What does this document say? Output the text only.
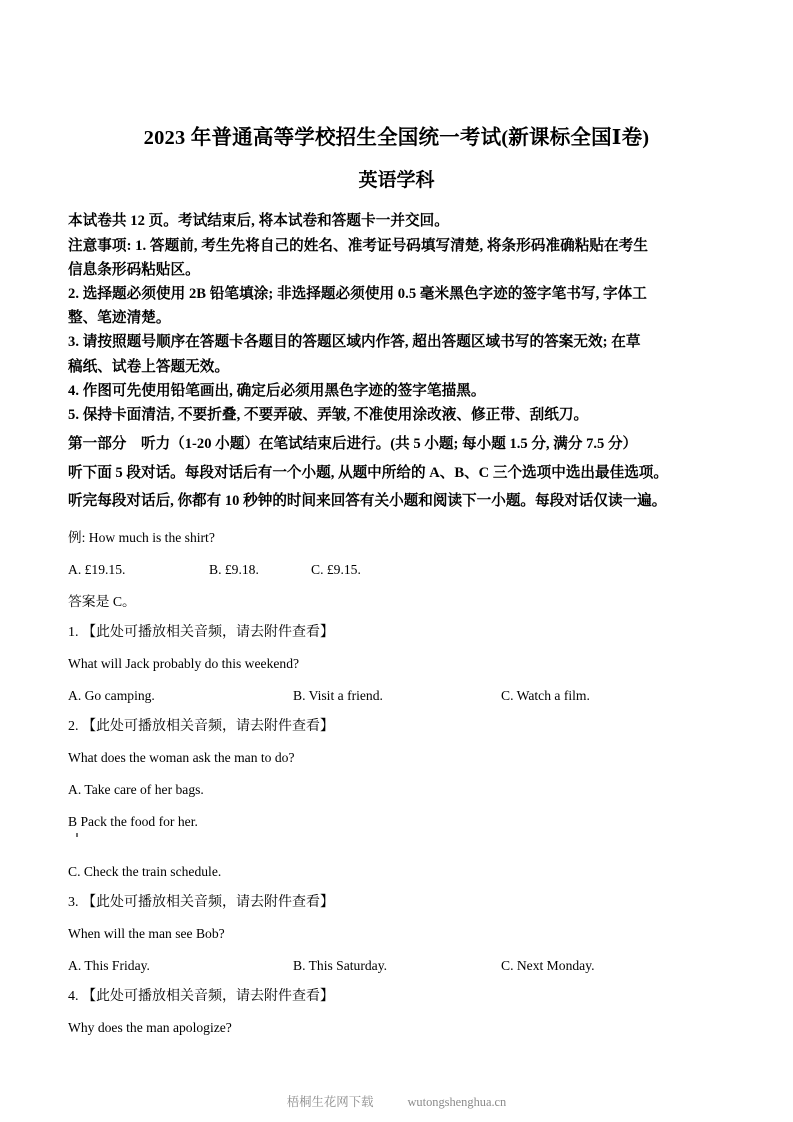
2023 年普通高等学校招生全国统一考试(新课标全国Ⅰ卷)
英语学科

本试卷共 12 页。考试结束后, 将本试卷和答题卡一并交回。

注意事项: 1. 答题前, 考生先将自己的姓名、准考证号码填写清楚, 将条形码准确粘贴在考生

信息条形码粘贴区。

2. 选择题必须使用 2B 铅笔填涂; 非选择题必须使用 0.5 毫米黑色字迹的签字笔书写, 字体工

整、笔迹清楚。

3. 请按照题号顺序在答题卡各题目的答题区域内作答, 超出答题区域书写的答案无效; 在草

稿纸、试卷上答题无效。

4. 作图可先使用铅笔画出, 确定后必须用黑色字迹的签字笔描黑。

5. 保持卡面清洁, 不要折叠, 不要弄破、弄皱, 不准使用涂改液、修正带、刮纸刀。

第一部分　听力（1-20 小题）在笔试结束后进行。(共 5 小题; 每小题 1.5 分, 满分 7.5 分）

听下面 5 段对话。每段对话后有一个小题, 从题中所给的 A、B、C 三个选项中选出最佳选项。

听完每段对话后, 你都有 10 秒钟的时间来回答有关小题和阅读下一小题。每段对话仅读一遍。

例: How much is the shirt?

A. £19.15.	B. £9.18.	C. £9.15.

答案是 C。

1. 【此处可播放相关音频，请去附件查看】

What will Jack probably do this weekend?

A. Go camping.	B. Visit a friend.	C. Watch a film.

2. 【此处可播放相关音频，请去附件查看】

What does the woman ask the man to do?

A. Take care of her bags.

B Pack the food for her.

C. Check the train schedule.

3. 【此处可播放相关音频，请去附件查看】

When will the man see Bob?

A. This Friday.	B. This Saturday.	C. Next Monday.

4. 【此处可播放相关音频，请去附件查看】

Why does the man apologize?

梧桐生花网下载	wutongshenghua.cn
